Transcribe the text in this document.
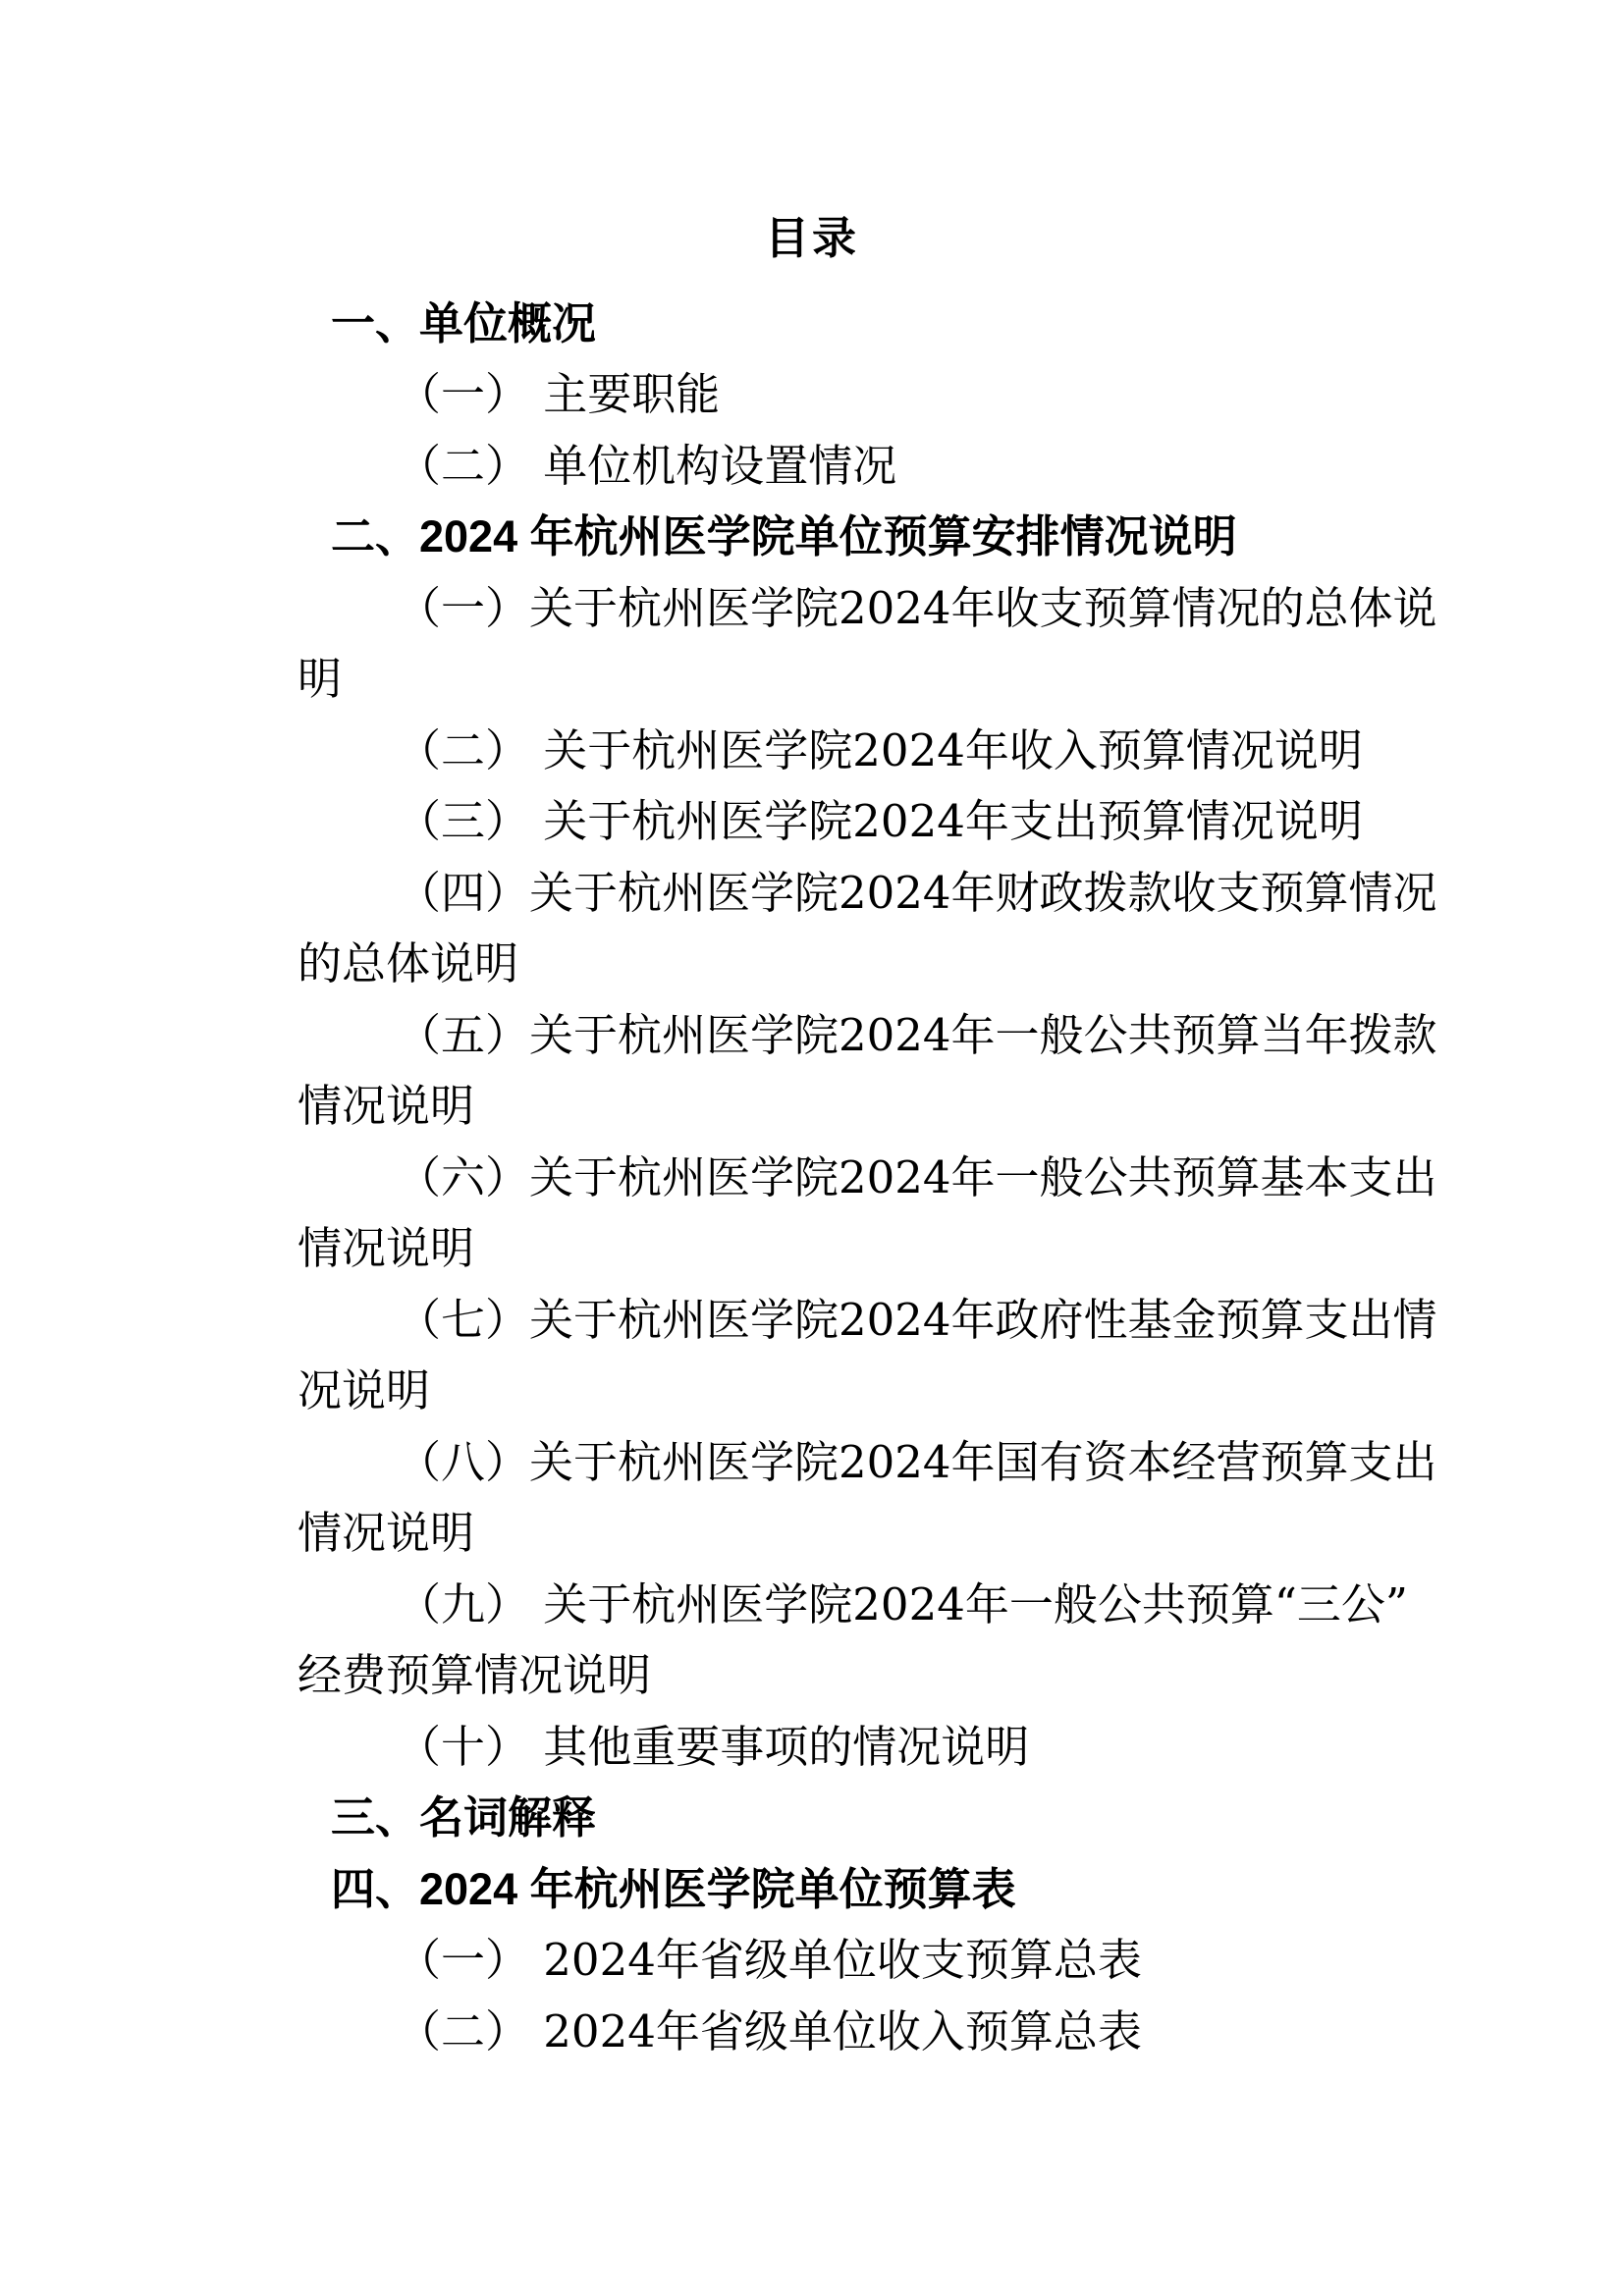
目录
一、单位概况
（一） 主要职能
（二） 单位机构设置情况
二、2024 年杭州医学院单位预算安排情况说明
（一）关于杭州医学院2024年收支预算情况的总体说
明
（二） 关于杭州医学院2024年收入预算情况说明
（三） 关于杭州医学院2024年支出预算情况说明
（四）关于杭州医学院2024年财政拨款收支预算情况
的总体说明
（五）关于杭州医学院2024年一般公共预算当年拨款
情况说明
（六）关于杭州医学院2024年一般公共预算基本支出
情况说明
（七）关于杭州医学院2024年政府性基金预算支出情
况说明
（八）关于杭州医学院2024年国有资本经营预算支出
情况说明
（九） 关于杭州医学院2024年一般公共预算“三公”
经费预算情况说明
（十） 其他重要事项的情况说明
三、名词解释
四、2024 年杭州医学院单位预算表
（一） 2024年省级单位收支预算总表
（二） 2024年省级单位收入预算总表
